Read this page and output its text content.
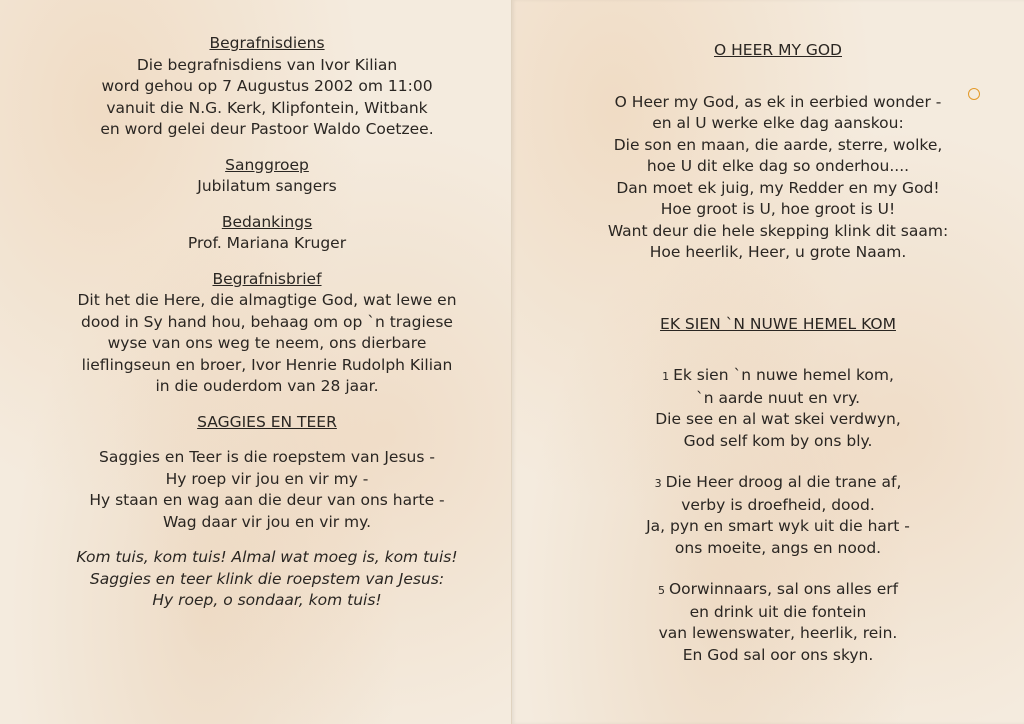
Begrafnisdiens

Die begrafnisdiens van Ivor Kilian

word gehou op 7 Augustus 2002 om 11:00

vanuit die N.G. Kerk, Klipfontein, Witbank

en word gelei deur Pastoor Waldo Coetzee.

Sanggroep

Jubilatum sangers

Bedankings

Prof. Mariana Kruger

Begrafnisbrief

Dit het die Here, die almagtige God, wat lewe en

dood in Sy hand hou, behaag om op `n tragiese

wyse van ons weg te neem, ons dierbare

lieflingseun en broer, Ivor Henrie Rudolph Kilian

in die ouderdom van 28 jaar.

SAGGIES EN TEER

Saggies en Teer is die roepstem van Jesus -

Hy roep vir jou en vir my -

Hy staan en wag aan die deur van ons harte -

Wag daar vir jou en vir my.

Kom tuis, kom tuis! Almal wat moeg is, kom tuis!

Saggies en teer klink die roepstem van Jesus:

Hy roep, o sondaar, kom tuis!

O HEER MY GOD

O Heer my God, as ek in eerbied wonder -

en al U werke elke dag aanskou:

Die son en maan, die aarde, sterre, wolke,

hoe U dit elke dag so onderhou....

Dan moet ek juig, my Redder en my God!

Hoe groot is U, hoe groot is U!

Want deur die hele skepping klink dit saam:

Hoe heerlik, Heer, u grote Naam.

EK SIEN `N NUWE HEMEL KOM

1 Ek sien `n nuwe hemel kom,

`n aarde nuut en vry.

Die see en al wat skei verdwyn,

God self kom by ons bly.

3 Die Heer droog al die trane af,

verby is droefheid, dood.

Ja, pyn en smart wyk uit die hart -

ons moeite, angs en nood.

5 Oorwinnaars, sal ons alles erf

en drink uit die fontein

van lewenswater, heerlik, rein.

En God sal oor ons skyn.
